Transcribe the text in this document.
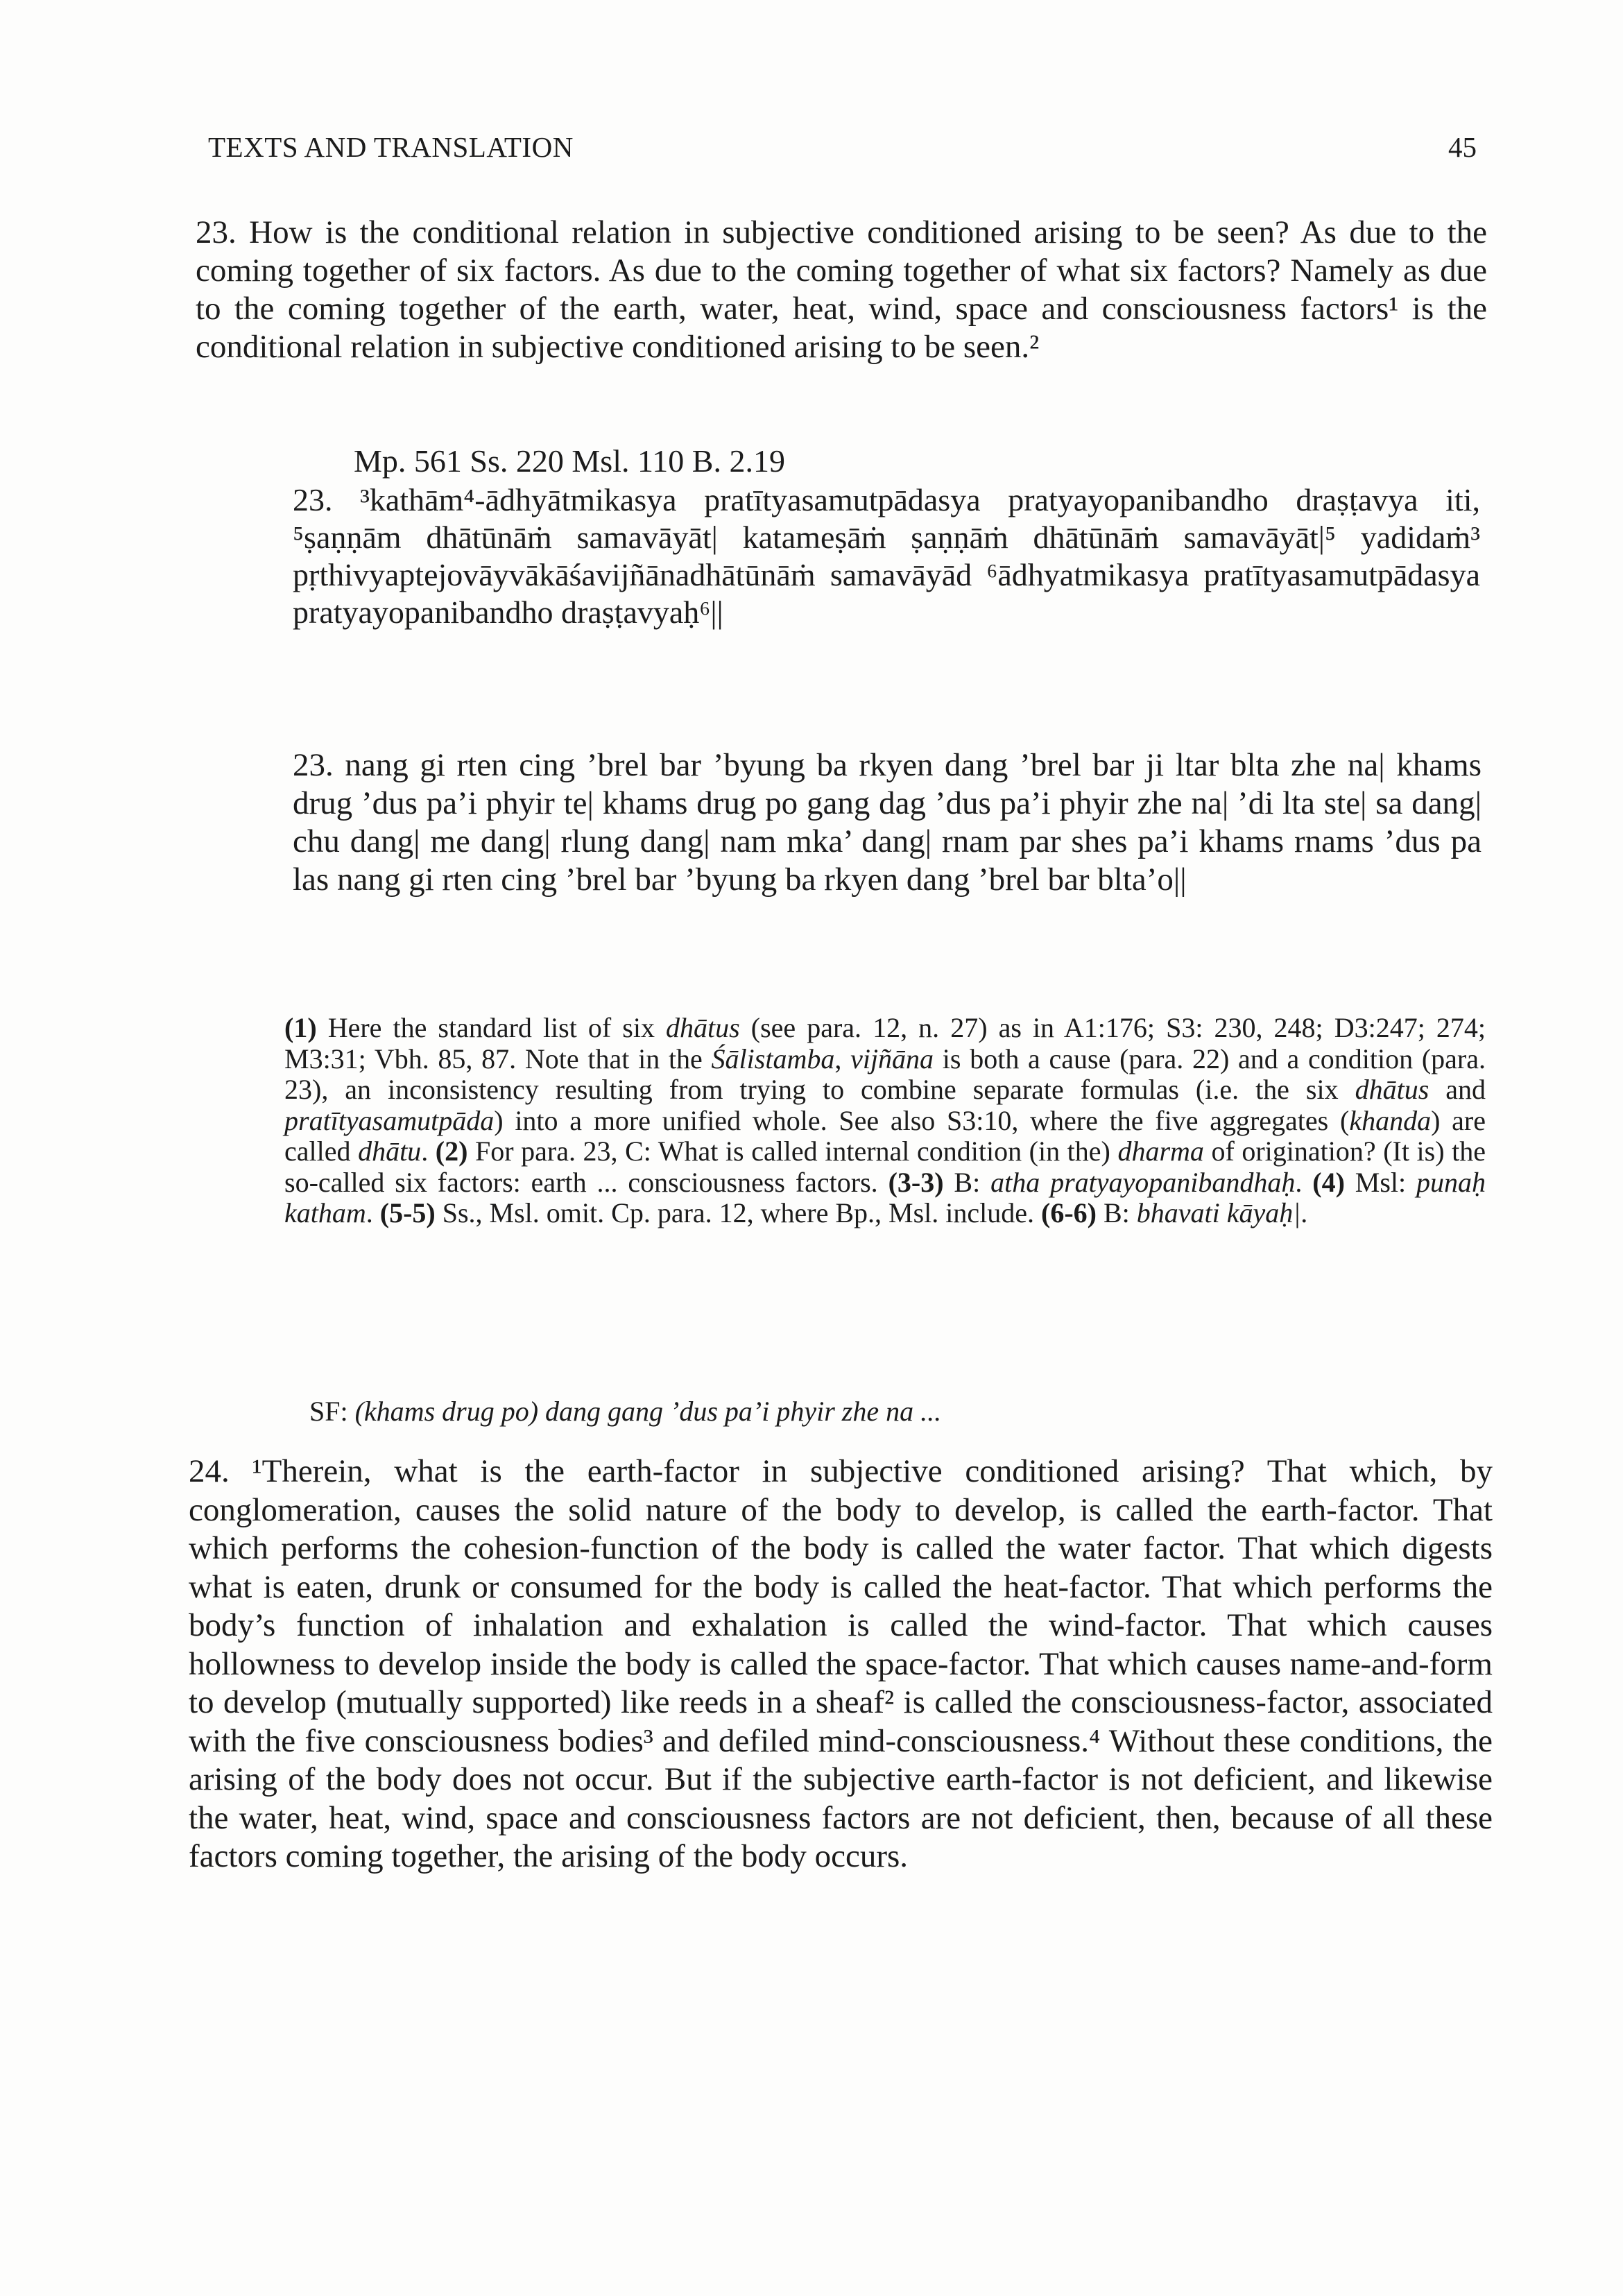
TEXTS AND TRANSLATION	45

23. How is the conditional relation in subjective conditioned arising to be seen? As due to the coming together of six factors. As due to the coming together of what six factors? Namely as due to the coming together of the earth, water, heat, wind, space and consciousness factors¹ is the conditional relation in subjective conditioned arising to be seen.²

Mp. 561 Ss. 220 Msl. 110 B. 2.19

23. ³kathām⁴-ādhyātmikasya pratītyasamutpādasya pratyayopanibandho draṣṭavya iti, ⁵ṣaṇṇām dhātūnāṁ samavāyāt| katameṣāṁ ṣaṇṇāṁ dhātūnāṁ samavāyāt|⁵ yadidaṁ³ pṛthivyaptejovāyvākāśavijñānadhātūnāṁ samavāyād ⁶ādhyatmikasya pratītyasamutpādasya pratyayopanibandho draṣṭavyaḥ⁶||

23. nang gi rten cing ’brel bar ’byung ba rkyen dang ’brel bar ji ltar blta zhe na| khams drug ’dus pa’i phyir te| khams drug po gang dag ’dus pa’i phyir zhe na| ’di lta ste| sa dang| chu dang| me dang| rlung dang| nam mka’ dang| rnam par shes pa’i khams rnams ’dus pa las nang gi rten cing ’brel bar ’byung ba rkyen dang ’brel bar blta’o||

(1) Here the standard list of six dhātus (see para. 12, n. 27) as in A1:176; S3: 230, 248; D3:247; 274; M3:31; Vbh. 85, 87. Note that in the Śālistamba, vijñāna is both a cause (para. 22) and a condition (para. 23), an inconsistency resulting from trying to combine separate formulas (i.e. the six dhātus and pratītyasamutpāda) into a more unified whole. See also S3:10, where the five aggregates (khanda) are called dhātu. (2) For para. 23, C: What is called internal condition (in the) dharma of origination? (It is) the so-called six factors: earth ... consciousness factors. (3-3) B: atha pratyayopanibandhaḥ. (4) Msl: punaḥ katham. (5-5) Ss., Msl. omit. Cp. para. 12, where Bp., Msl. include. (6-6) B: bhavati kāyaḥ|.

SF: (khams drug po) dang gang ’dus pa’i phyir zhe na ...

24. ¹Therein, what is the earth-factor in subjective conditioned arising? That which, by conglomeration, causes the solid nature of the body to develop, is called the earth-factor. That which performs the cohesion-function of the body is called the water factor. That which digests what is eaten, drunk or consumed for the body is called the heat-factor. That which performs the body’s function of inhalation and exhalation is called the wind-factor. That which causes hollowness to develop inside the body is called the space-factor. That which causes name-and-form to develop (mutually supported) like reeds in a sheaf² is called the consciousness-factor, associated with the five consciousness bodies³ and defiled mind-consciousness.⁴ Without these conditions, the arising of the body does not occur. But if the subjective earth-factor is not deficient, and likewise the water, heat, wind, space and consciousness factors are not deficient, then, because of all these factors coming together, the arising of the body occurs.
